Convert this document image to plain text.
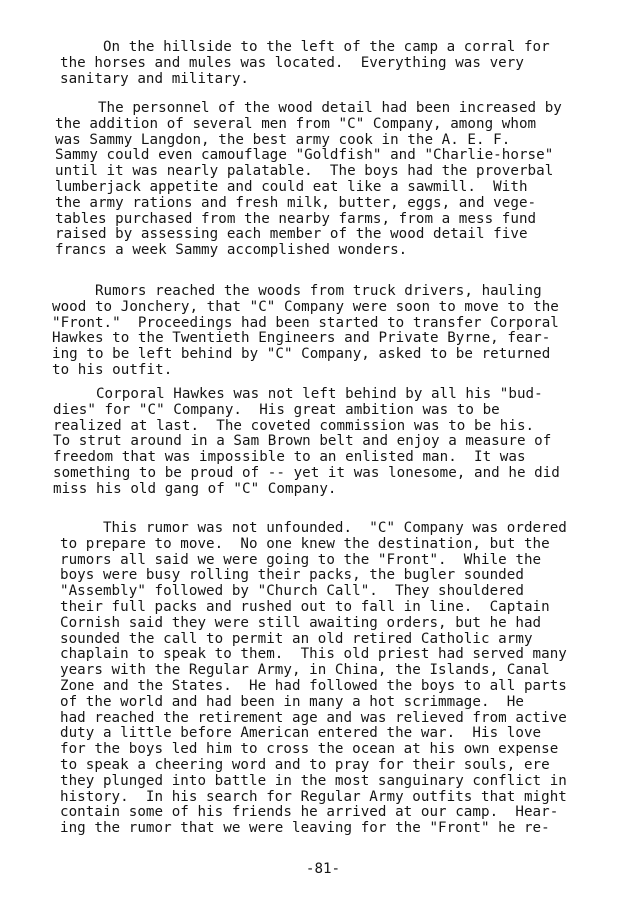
On the hillside to the left of the camp a corral for
the horses and mules was located.  Everything was very
sanitary and military.
The personnel of the wood detail had been increased by
the addition of several men from "C" Company, among whom
was Sammy Langdon, the best army cook in the A. E. F.
Sammy could even camouflage "Goldfish" and "Charlie-horse"
until it was nearly palatable.  The boys had the proverbal
lumberjack appetite and could eat like a sawmill.  With
the army rations and fresh milk, butter, eggs, and vege-
tables purchased from the nearby farms, from a mess fund
raised by assessing each member of the wood detail five
francs a week Sammy accomplished wonders.
Rumors reached the woods from truck drivers, hauling
wood to Jonchery, that "C" Company were soon to move to the
"Front."  Proceedings had been started to transfer Corporal
Hawkes to the Twentieth Engineers and Private Byrne, fear-
ing to be left behind by "C" Company, asked to be returned
to his outfit.
Corporal Hawkes was not left behind by all his "bud-
dies" for "C" Company.  His great ambition was to be
realized at last.  The coveted commission was to be his.
To strut around in a Sam Brown belt and enjoy a measure of
freedom that was impossible to an enlisted man.  It was
something to be proud of -- yet it was lonesome, and he did
miss his old gang of "C" Company.
This rumor was not unfounded.  "C" Company was ordered
to prepare to move.  No one knew the destination, but the
rumors all said we were going to the "Front".  While the
boys were busy rolling their packs, the bugler sounded
"Assembly" followed by "Church Call".  They shouldered
their full packs and rushed out to fall in line.  Captain
Cornish said they were still awaiting orders, but he had
sounded the call to permit an old retired Catholic army
chaplain to speak to them.  This old priest had served many
years with the Regular Army, in China, the Islands, Canal
Zone and the States.  He had followed the boys to all parts
of the world and had been in many a hot scrimmage.  He
had reached the retirement age and was relieved from active
duty a little before American entered the war.  His love
for the boys led him to cross the ocean at his own expense
to speak a cheering word and to pray for their souls, ere
they plunged into battle in the most sanguinary conflict in
history.  In his search for Regular Army outfits that might
contain some of his friends he arrived at our camp.  Hear-
ing the rumor that we were leaving for the "Front" he re-
-81-
